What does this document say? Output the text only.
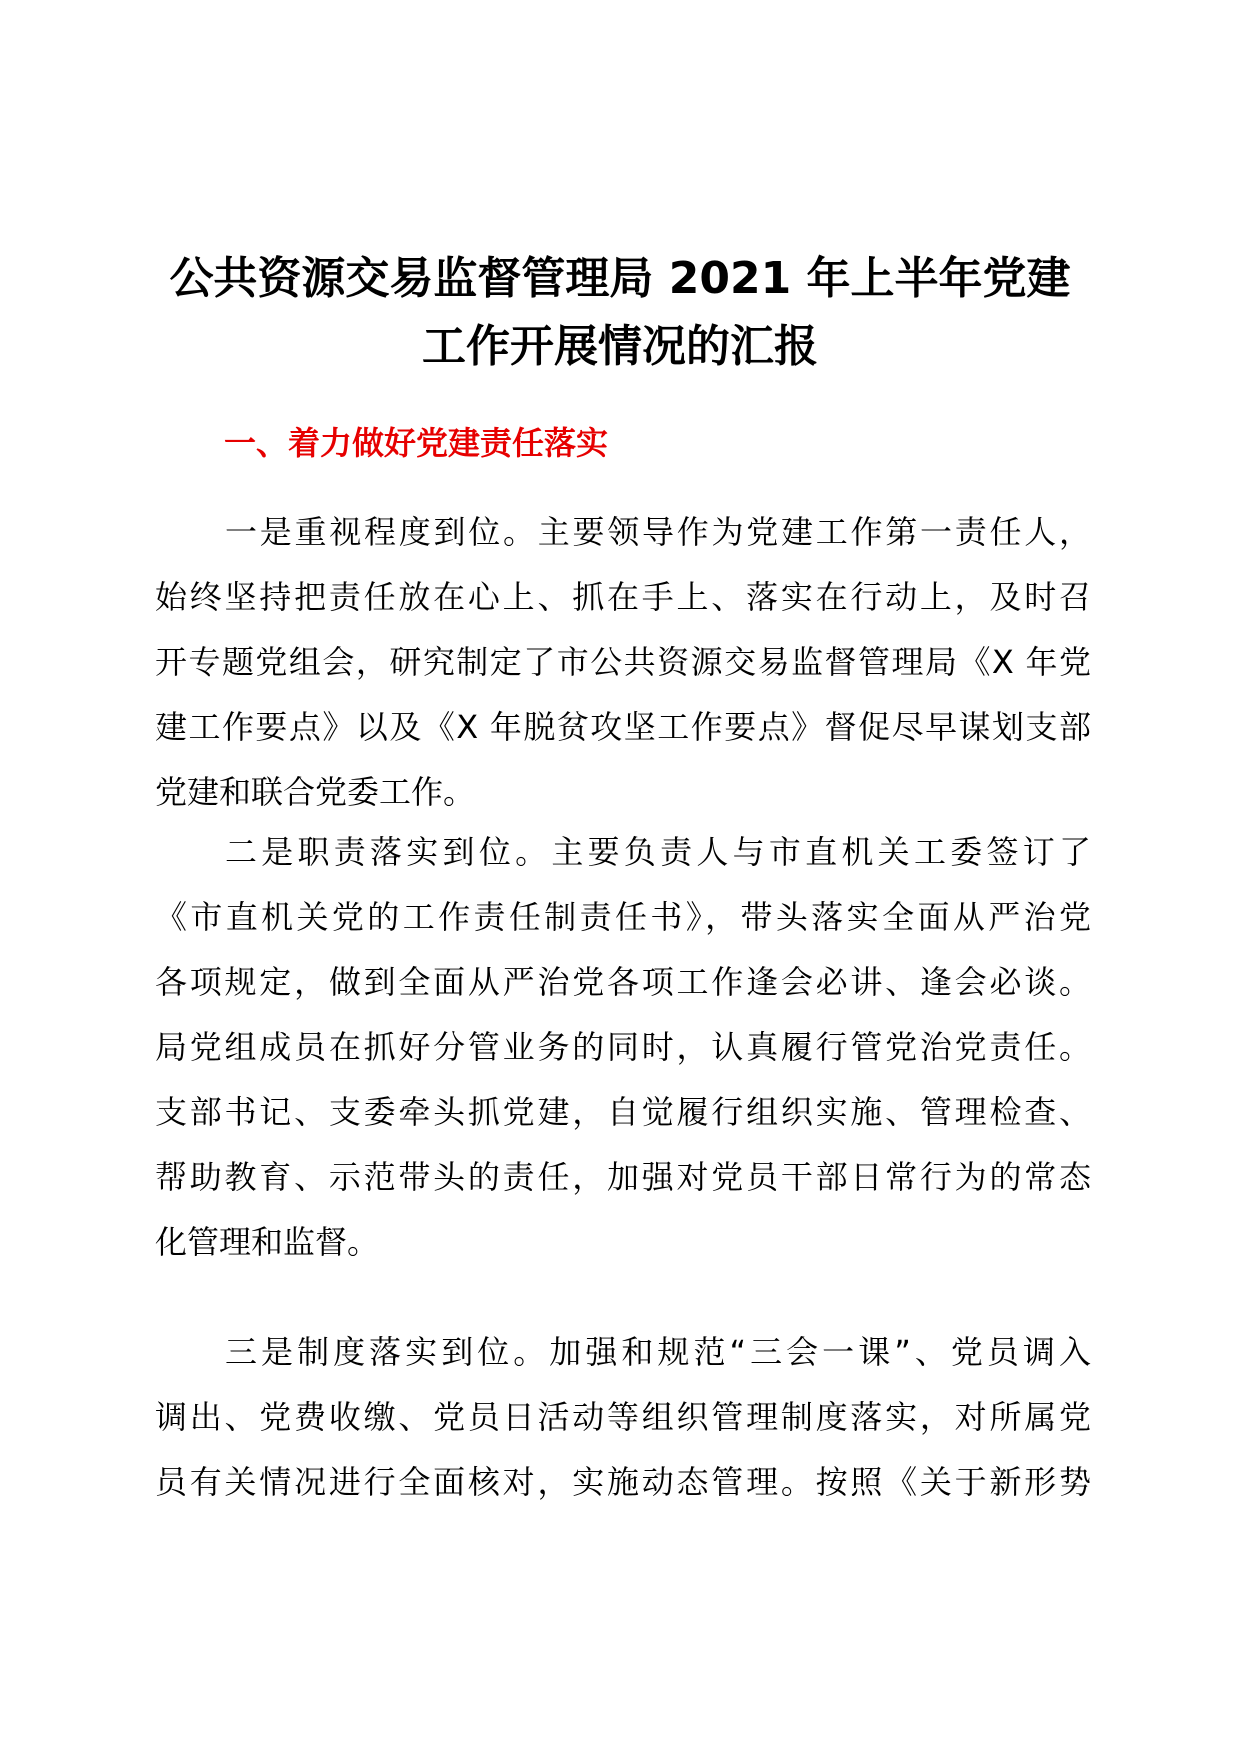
公共资源交易监督管理局 2021 年上半年党建
工作开展情况的汇报
一、着力做好党建责任落实

一是重视程度到位。主要领导作为党建工作第一责任人，
始终坚持把责任放在心上、抓在手上、落实在行动上，及时召
开专题党组会，研究制定了市公共资源交易监督管理局《X 年党
建工作要点》以及《X 年脱贫攻坚工作要点》督促尽早谋划支部
党建和联合党委工作。

二是职责落实到位。主要负责人与市直机关工委签订了
《市直机关党的工作责任制责任书》，带头落实全面从严治党
各项规定，做到全面从严治党各项工作逢会必讲、逢会必谈。
局党组成员在抓好分管业务的同时，认真履行管党治党责任。
支部书记、支委牵头抓党建，自觉履行组织实施、管理检查、
帮助教育、示范带头的责任，加强对党员干部日常行为的常态
化管理和监督。

三是制度落实到位。加强和规范“三会一课”、党员调入
调出、党费收缴、党员日活动等组织管理制度落实，对所属党
员有关情况进行全面核对，实施动态管理。按照《关于新形势
